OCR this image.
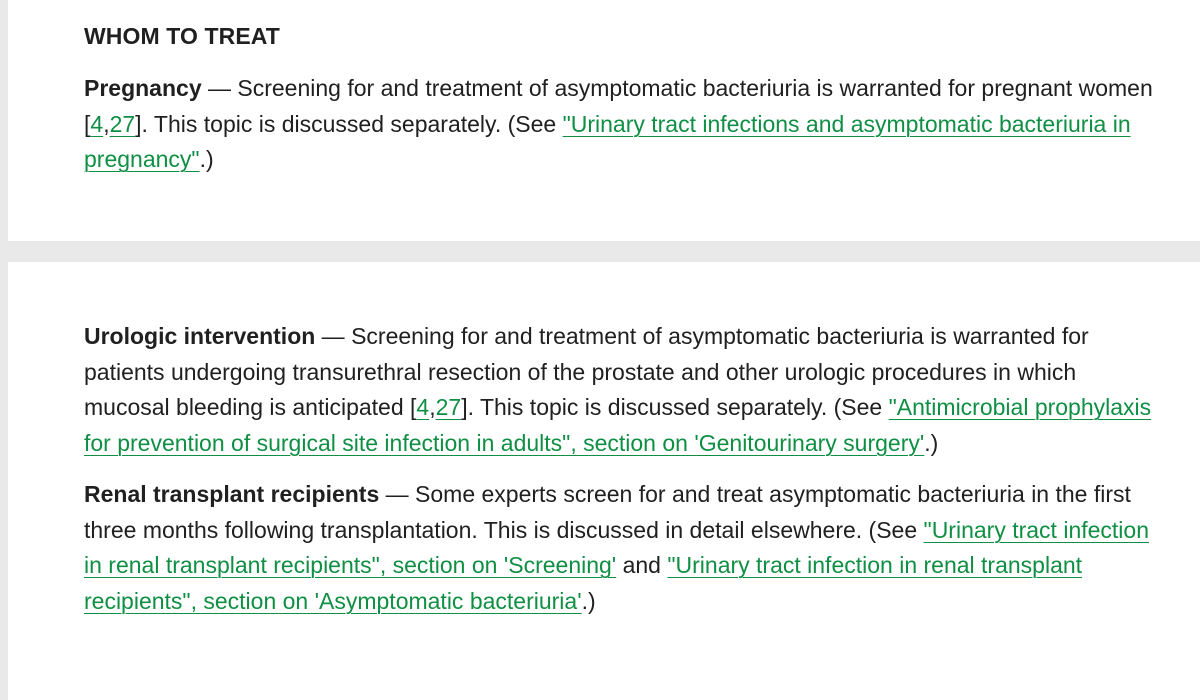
WHOM TO TREAT

Pregnancy — Screening for and treatment of asymptomatic bacteriuria is warranted for pregnant women [4,27]. This topic is discussed separately. (See "Urinary tract infections and asymptomatic bacteriuria in pregnancy".)

Urologic intervention — Screening for and treatment of asymptomatic bacteriuria is warranted for patients undergoing transurethral resection of the prostate and other urologic procedures in which mucosal bleeding is anticipated [4,27]. This topic is discussed separately. (See "Antimicrobial prophylaxis for prevention of surgical site infection in adults", section on 'Genitourinary surgery'.)

Renal transplant recipients — Some experts screen for and treat asymptomatic bacteriuria in the first three months following transplantation. This is discussed in detail elsewhere. (See "Urinary tract infection in renal transplant recipients", section on 'Screening' and "Urinary tract infection in renal transplant recipients", section on 'Asymptomatic bacteriuria'.)
